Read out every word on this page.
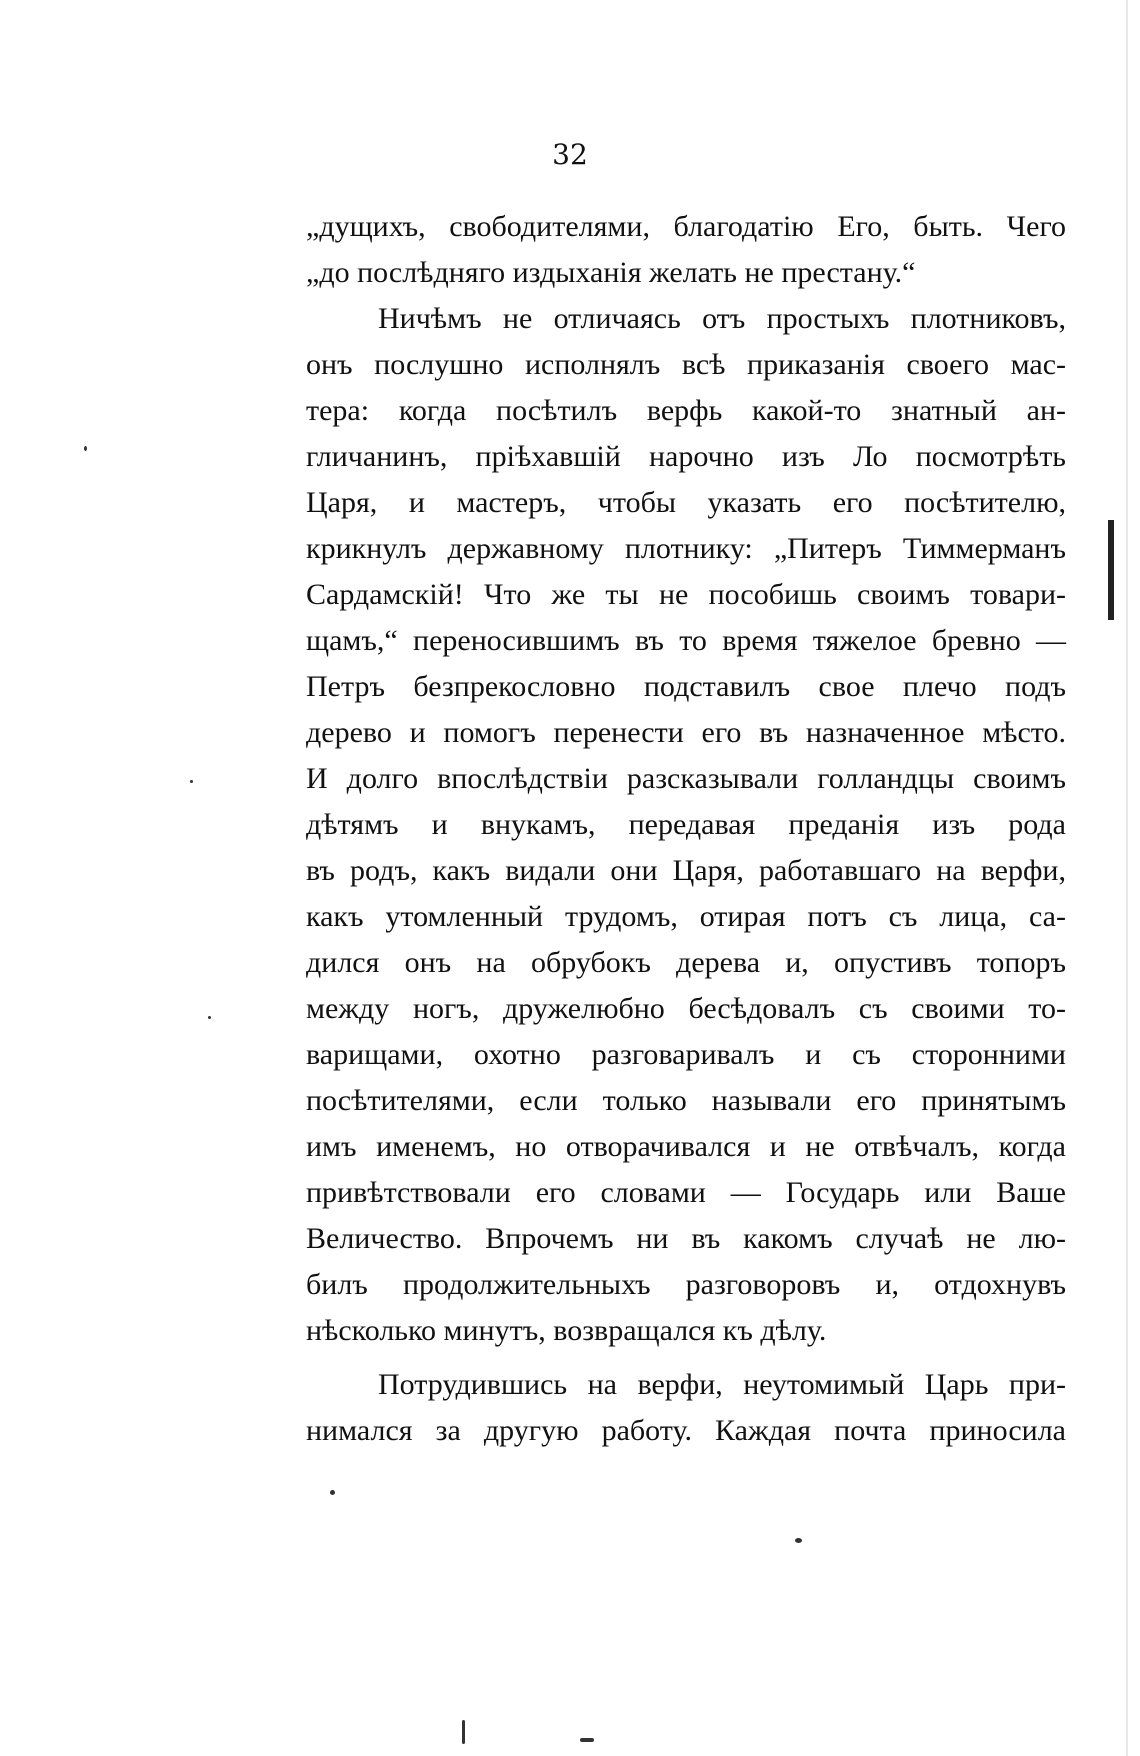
32
„дущихъ, свободителями, благодатію Его, быть. Чего
„до послѣдняго издыханія желать не престану.“
Ничѣмъ не отличаясь отъ простыхъ плотниковъ,
онъ послушно исполнялъ всѣ приказанія своего мас-
тера: когда посѣтилъ верфь какой-то знатный ан-
гличанинъ, пріѣхавшій нарочно изъ Ло посмотрѣть
Царя, и мастеръ, чтобы указать его посѣтителю,
крикнулъ державному плотнику: „Питеръ Тиммерманъ
Сардамскій! Что же ты не пособишь своимъ товари-
щамъ,“ переносившимъ въ то время тяжелое бревно —
Петръ безпрекословно подставилъ свое плечо подъ
дерево и помогъ перенести его въ назначенное мѣсто.
И долго впослѣдствіи разсказывали голландцы своимъ
дѣтямъ и внукамъ, передавая преданія изъ рода
въ родъ, какъ видали они Царя, работавшаго на верфи,
какъ утомленный трудомъ, отирая потъ съ лица, са-
дился онъ на обрубокъ дерева и, опустивъ топоръ
между ногъ, дружелюбно бесѣдовалъ съ своими то-
варищами, охотно разговаривалъ и съ сторонними
посѣтителями, если только называли его принятымъ
имъ именемъ, но отворачивался и не отвѣчалъ, когда
привѣтствовали его словами — Государь или Ваше
Величество. Впрочемъ ни въ какомъ случаѣ не лю-
билъ продолжительныхъ разговоровъ и, отдохнувъ
нѣсколько минутъ, возвращался къ дѣлу.
Потрудившись на верфи, неутомимый Царь при-
нимался за другую работу. Каждая почта приносила
